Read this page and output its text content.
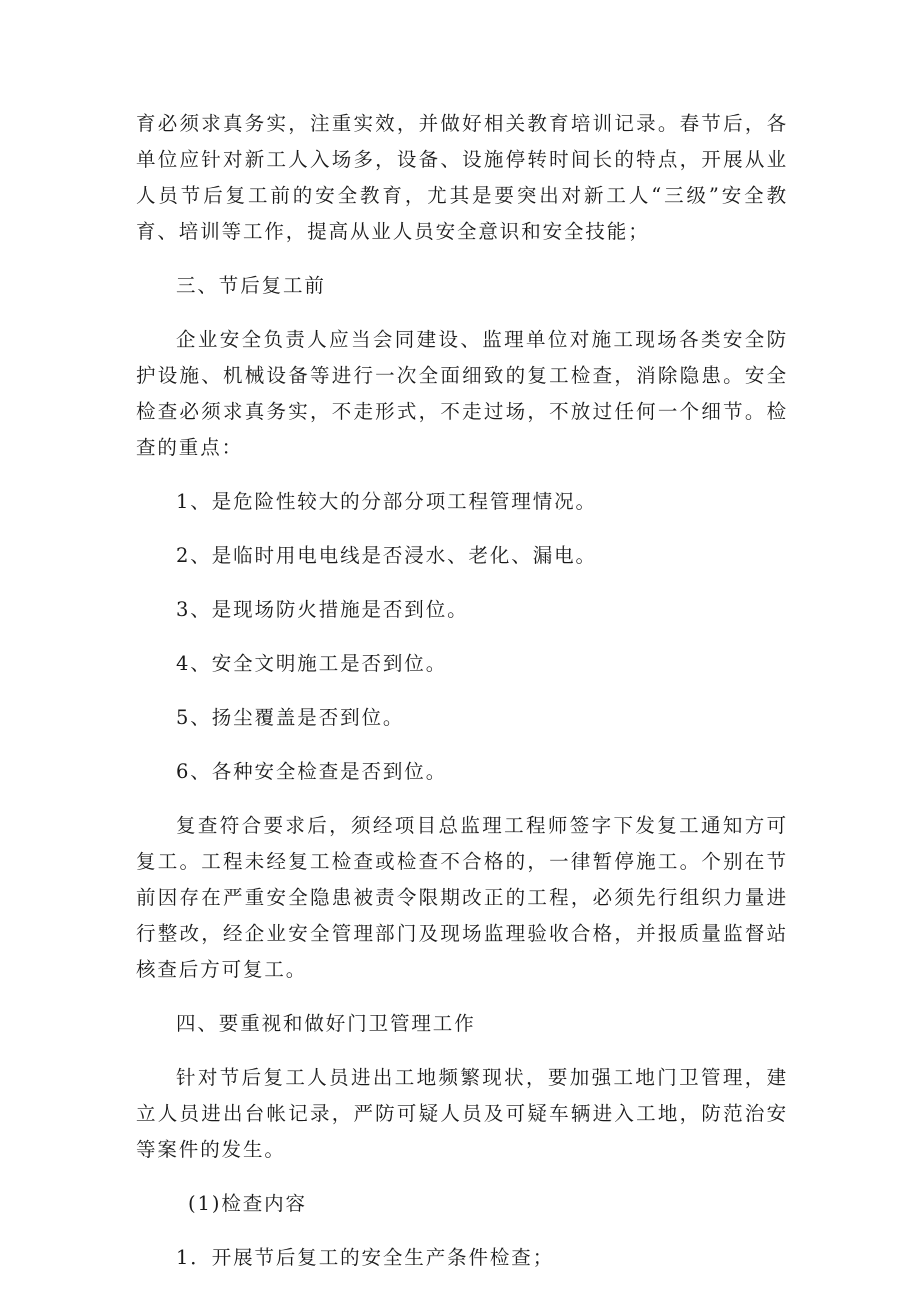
育必须求真务实，注重实效，并做好相关教育培训记录。春节后，各单位应针对新工人入场多，设备、设施停转时间长的特点，开展从业人员节后复工前的安全教育，尤其是要突出对新工人“三级”安全教育、培训等工作，提高从业人员安全意识和安全技能；

三、节后复工前

企业安全负责人应当会同建设、监理单位对施工现场各类安全防护设施、机械设备等进行一次全面细致的复工检查，消除隐患。安全检查必须求真务实，不走形式，不走过场，不放过任何一个细节。检查的重点：

1、是危险性较大的分部分项工程管理情况。

2、是临时用电电线是否浸水、老化、漏电。

3、是现场防火措施是否到位。

4、安全文明施工是否到位。

5、扬尘覆盖是否到位。

6、各种安全检查是否到位。

复查符合要求后，须经项目总监理工程师签字下发复工通知方可复工。工程未经复工检查或检查不合格的，一律暂停施工。个别在节前因存在严重安全隐患被责令限期改正的工程，必须先行组织力量进行整改，经企业安全管理部门及现场监理验收合格，并报质量监督站核查后方可复工。

四、要重视和做好门卫管理工作

针对节后复工人员进出工地频繁现状，要加强工地门卫管理，建立人员进出台帐记录，严防可疑人员及可疑车辆进入工地，防范治安等案件的发生。

(1)检查内容

1．开展节后复工的安全生产条件检查；
